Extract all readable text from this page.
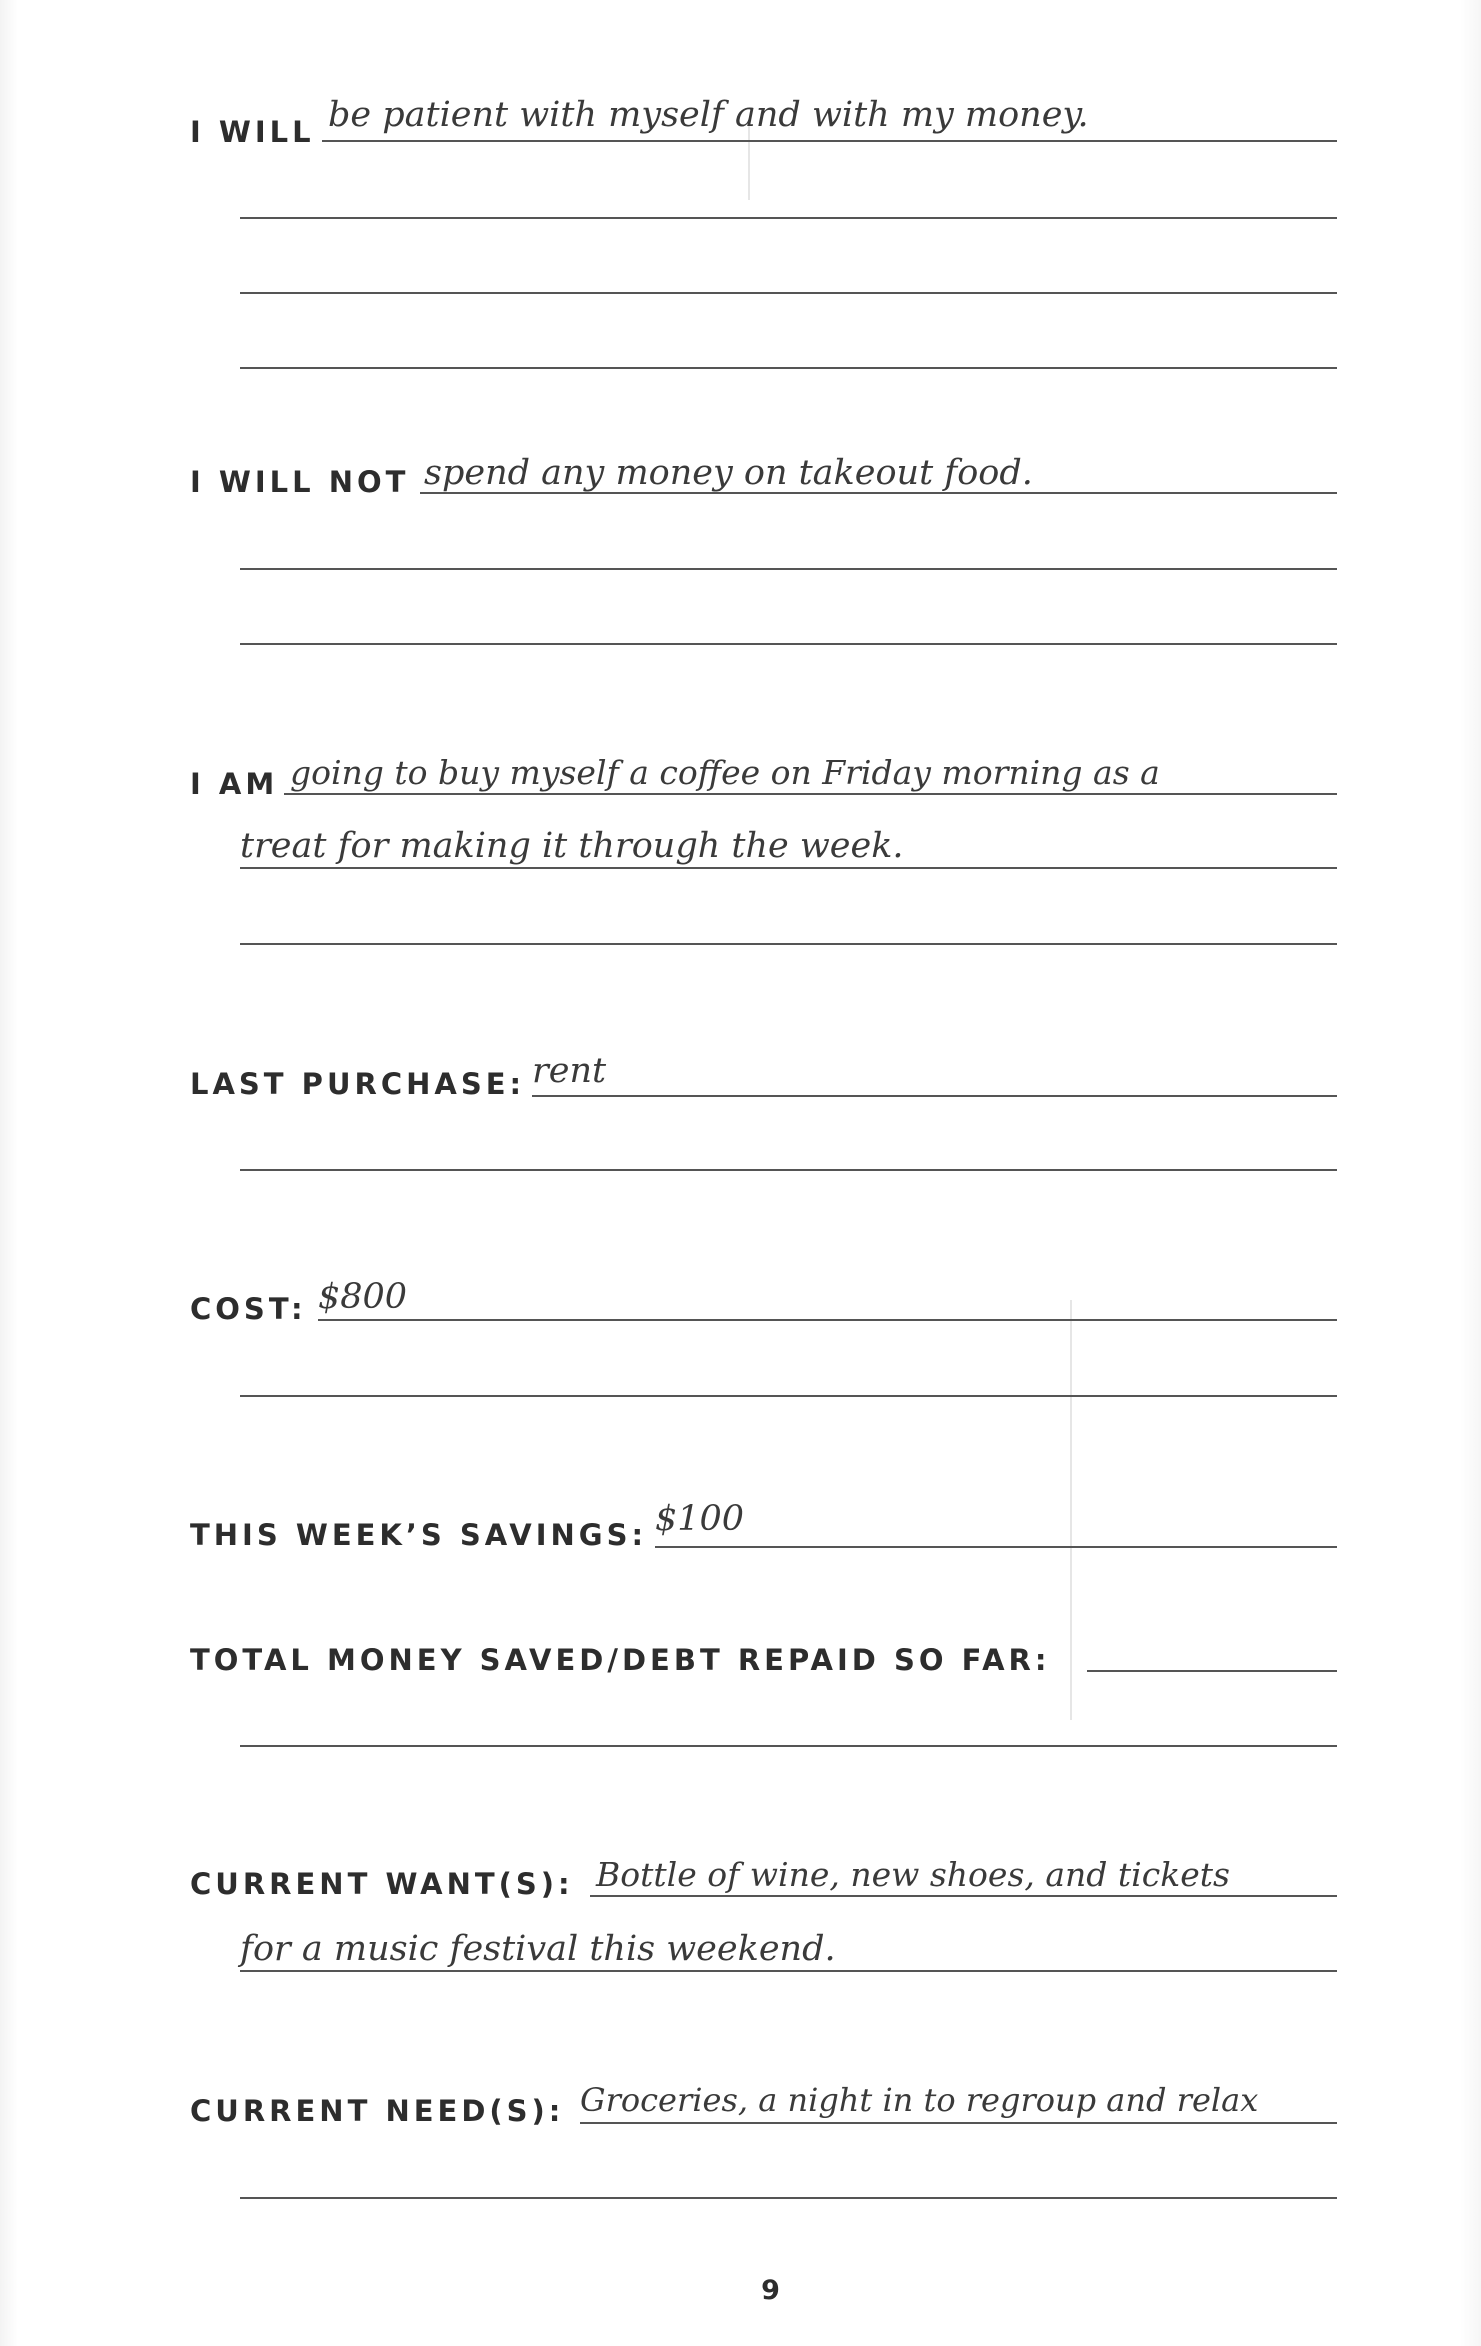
I WILL be patient with myself and with my money.
I WILL NOT spend any money on takeout food.
I AM going to buy myself a coffee on Friday morning as a
treat for making it through the week.
LAST PURCHASE: rent
COST: $800
THIS WEEK’S SAVINGS: $100
TOTAL MONEY SAVED/DEBT REPAID SO FAR:
CURRENT WANT(S): Bottle of wine, new shoes, and tickets
for a music festival this weekend.
CURRENT NEED(S): Groceries, a night in to regroup and relax
9
